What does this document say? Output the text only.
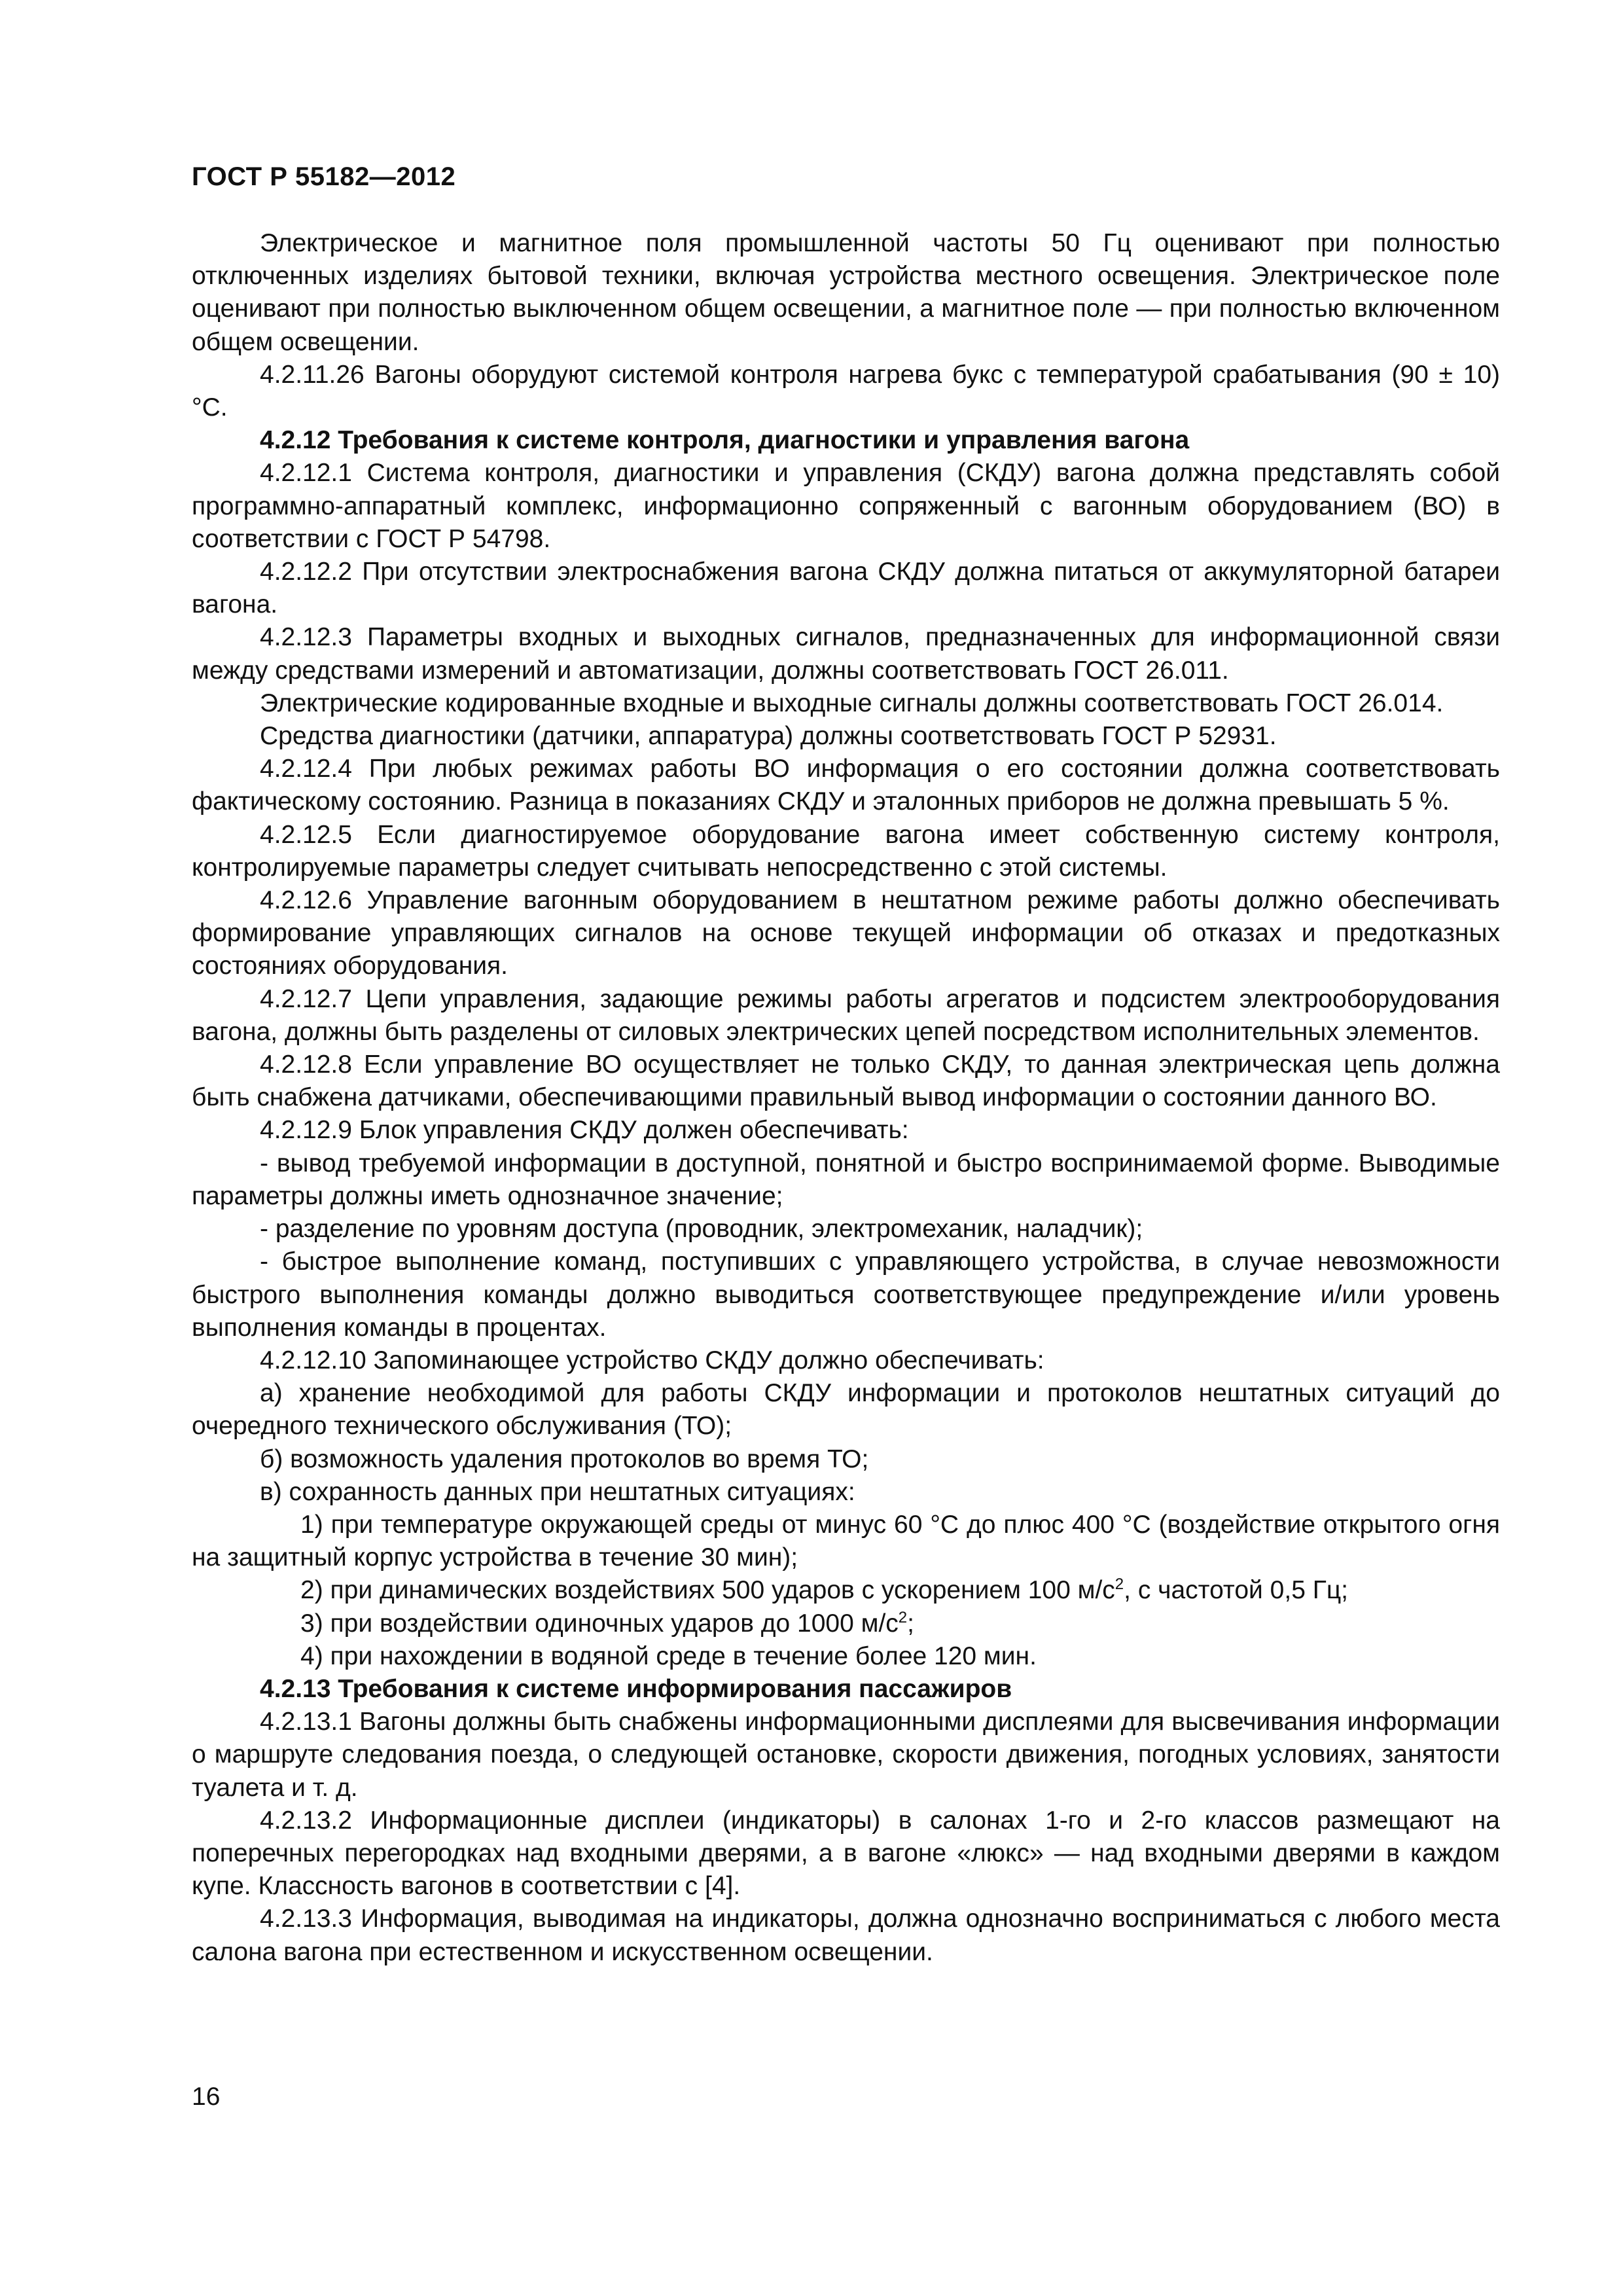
ГОСТ Р 55182—2012

Электрическое и магнитное поля промышленной частоты 50 Гц оценивают при полностью отключенных изделиях бытовой техники, включая устройства местного освещения. Электрическое поле оценивают при полностью выключенном общем освещении, а магнитное поле — при полностью включенном общем освещении.

4.2.11.26 Вагоны оборудуют системой контроля нагрева букс с температурой срабатывания (90 ± 10) °С.

4.2.12 Требования к системе контроля, диагностики и управления вагона

4.2.12.1 Система контроля, диагностики и управления (СКДУ) вагона должна представлять собой программно-аппаратный комплекс, информационно сопряженный с вагонным оборудованием (ВО) в соответствии с ГОСТ Р 54798.

4.2.12.2 При отсутствии электроснабжения вагона СКДУ должна питаться от аккумуляторной батареи вагона.

4.2.12.3 Параметры входных и выходных сигналов, предназначенных для информационной связи между средствами измерений и автоматизации, должны соответствовать ГОСТ 26.011.

Электрические кодированные входные и выходные сигналы должны соответствовать ГОСТ 26.014.

Средства диагностики (датчики, аппаратура) должны соответствовать ГОСТ Р 52931.

4.2.12.4 При любых режимах работы ВО информация о его состоянии должна соответствовать фактическому состоянию. Разница в показаниях СКДУ и эталонных приборов не должна превышать 5 %.

4.2.12.5 Если диагностируемое оборудование вагона имеет собственную систему контроля, контролируемые параметры следует считывать непосредственно с этой системы.

4.2.12.6 Управление вагонным оборудованием в нештатном режиме работы должно обеспечивать формирование управляющих сигналов на основе текущей информации об отказах и предотказных состояниях оборудования.

4.2.12.7 Цепи управления, задающие режимы работы агрегатов и подсистем электрооборудования вагона, должны быть разделены от силовых электрических цепей посредством исполнительных элементов.

4.2.12.8 Если управление ВО осуществляет не только СКДУ, то данная электрическая цепь должна быть снабжена датчиками, обеспечивающими правильный вывод информации о состоянии данного ВО.

4.2.12.9 Блок управления СКДУ должен обеспечивать:

- вывод требуемой информации в доступной, понятной и быстро воспринимаемой форме. Выводимые параметры должны иметь однозначное значение;

- разделение по уровням доступа (проводник, электромеханик, наладчик);

- быстрое выполнение команд, поступивших с управляющего устройства, в случае невозможности быстрого выполнения команды должно выводиться соответствующее предупреждение и/или уровень выполнения команды в процентах.

4.2.12.10 Запоминающее устройство СКДУ должно обеспечивать:

а) хранение необходимой для работы СКДУ информации и протоколов нештатных ситуаций до очередного технического обслуживания (ТО);

б) возможность удаления протоколов во время ТО;

в) сохранность данных при нештатных ситуациях:

1) при температуре окружающей среды от минус 60 °С до плюс 400 °С (воздействие открытого огня на защитный корпус устройства в течение 30 мин);

2) при динамических воздействиях 500 ударов с ускорением 100 $м/с^2$, с частотой 0,5 Гц;

3) при воздействии одиночных ударов до 1000 $м/с^2$;

4) при нахождении в водяной среде в течение более 120 мин.

4.2.13 Требования к системе информирования пассажиров

4.2.13.1 Вагоны должны быть снабжены информационными дисплеями для высвечивания информации о маршруте следования поезда, о следующей остановке, скорости движения, погодных условиях, занятости туалета и т. д.

4.2.13.2 Информационные дисплеи (индикаторы) в салонах 1-го и 2-го классов размещают на поперечных перегородках над входными дверями, а в вагоне «люкс» — над входными дверями в каждом купе. Классность вагонов в соответствии с [4].

4.2.13.3 Информация, выводимая на индикаторы, должна однозначно восприниматься с любого места салона вагона при естественном и искусственном освещении.

16
